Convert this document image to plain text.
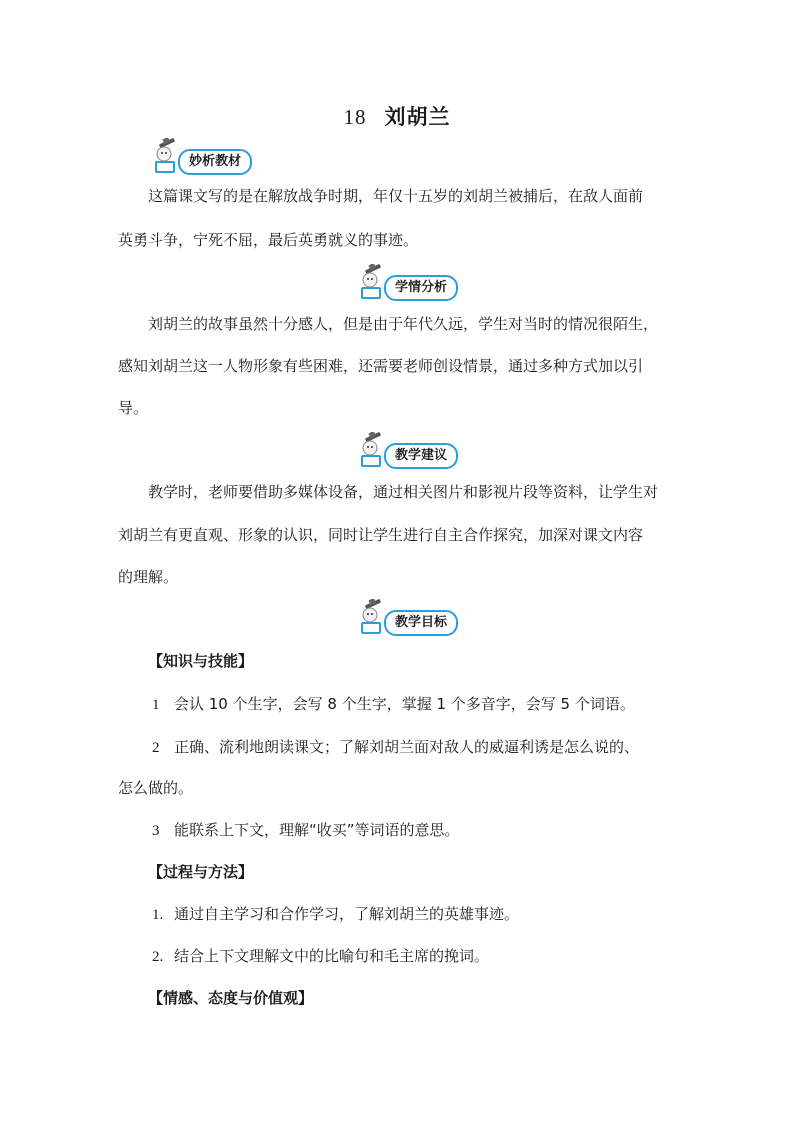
18 刘胡兰
妙析教材
这篇课文写的是在解放战争时期，年仅十五岁的刘胡兰被捕后，在敌人面前
英勇斗争，宁死不屈，最后英勇就义的事迹。
学情分析
刘胡兰的故事虽然十分感人，但是由于年代久远，学生对当时的情况很陌生，
感知刘胡兰这一人物形象有些困难，还需要老师创设情景，通过多种方式加以引
导。
教学建议
教学时，老师要借助多媒体设备，通过相关图片和影视片段等资料，让学生对
刘胡兰有更直观、形象的认识，同时让学生进行自主合作探究，加深对课文内容
的理解。
教学目标
【知识与技能】
1 会认 10 个生字，会写 8 个生字，掌握 1 个多音字，会写 5 个词语。
2 正确、流利地朗读课文；了解刘胡兰面对敌人的威逼利诱是怎么说的、
怎么做的。
3 能联系上下文，理解“收买”等词语的意思。
【过程与方法】
1. 通过自主学习和合作学习，了解刘胡兰的英雄事迹。
2. 结合上下文理解文中的比喻句和毛主席的挽词。
【情感、态度与价值观】
